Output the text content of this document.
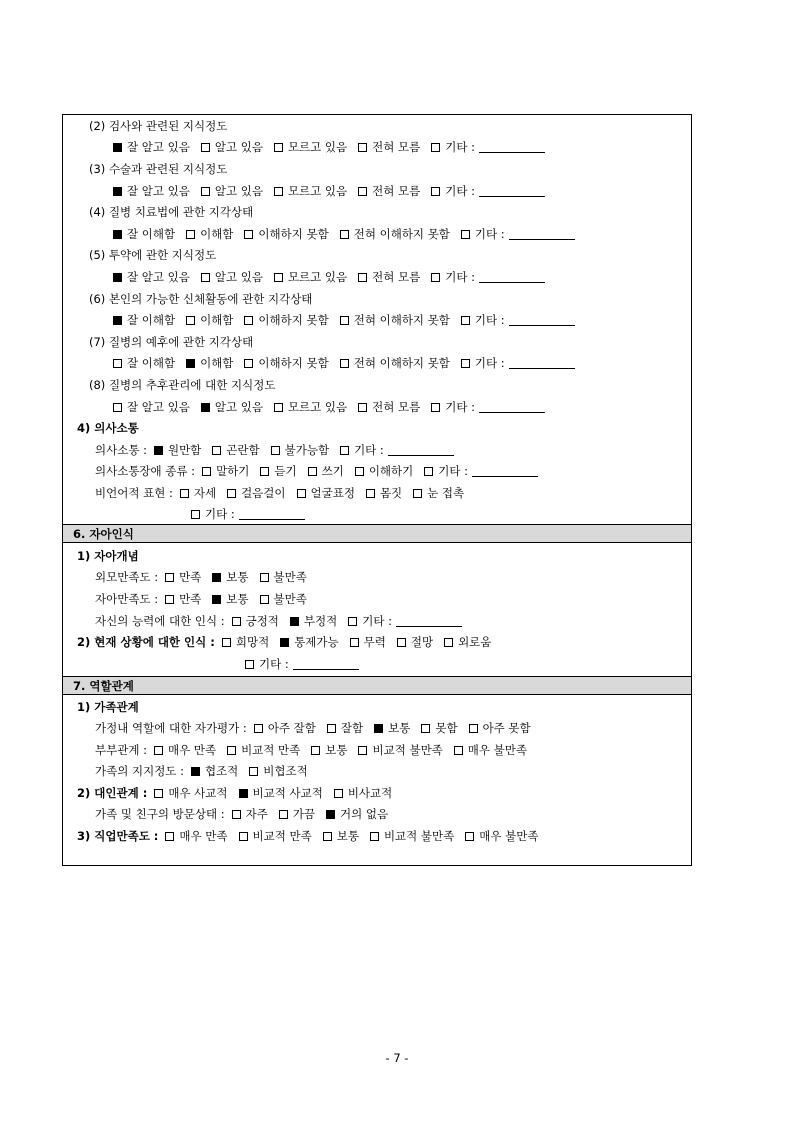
(2) 검사와 관련된 지식정도
잘 알고 있음 알고 있음 모르고 있음 전혀 모름 기타 :
(3) 수술과 관련된 지식정도
잘 알고 있음 알고 있음 모르고 있음 전혀 모름 기타 :
(4) 질병 치료법에 관한 지각상태
잘 이해함 이해함 이해하지 못함 전혀 이해하지 못함 기타 :
(5) 투약에 관한 지식정도
잘 알고 있음 알고 있음 모르고 있음 전혀 모름 기타 :
(6) 본인의 가능한 신체활동에 관한 지각상태
잘 이해함 이해함 이해하지 못함 전혀 이해하지 못함 기타 :
(7) 질병의 예후에 관한 지각상태
잘 이해함 이해함 이해하지 못함 전혀 이해하지 못함 기타 :
(8) 질병의 추후관리에 대한 지식정도
잘 알고 있음 알고 있음 모르고 있음 전혀 모름 기타 :
4) 의사소통
의사소통 : 원만함 곤란함 불가능함 기타 :
의사소통장애 종류 : 말하기 듣기 쓰기 이해하기 기타 :
비언어적 표현 : 자세 걸음걸이 얼굴표정 몸짓 눈 접촉
기타 :
6. 자아인식
1) 자아개념
외모만족도 : 만족 보통 불만족
자아만족도 : 만족 보통 불만족
자신의 능력에 대한 인식 : 긍정적 부정적 기타 :
2) 현재 상황에 대한 인식 : 희망적 통제가능 무력 절망 외로움
기타 :
7. 역할관계
1) 가족관계
가정내 역할에 대한 자가평가 : 아주 잘함 잘함 보통 못함 아주 못함
부부관계 : 매우 만족 비교적 만족 보통 비교적 불만족 매우 불만족
가족의 지지정도 : 협조적 비협조적
2) 대인관계 : 매우 사교적 비교적 사교적 비사교적
가족 및 친구의 방문상태 : 자주 가끔 거의 없음
3) 직업만족도 : 매우 만족 비교적 만족 보통 비교적 불만족 매우 불만족
- 7 -
